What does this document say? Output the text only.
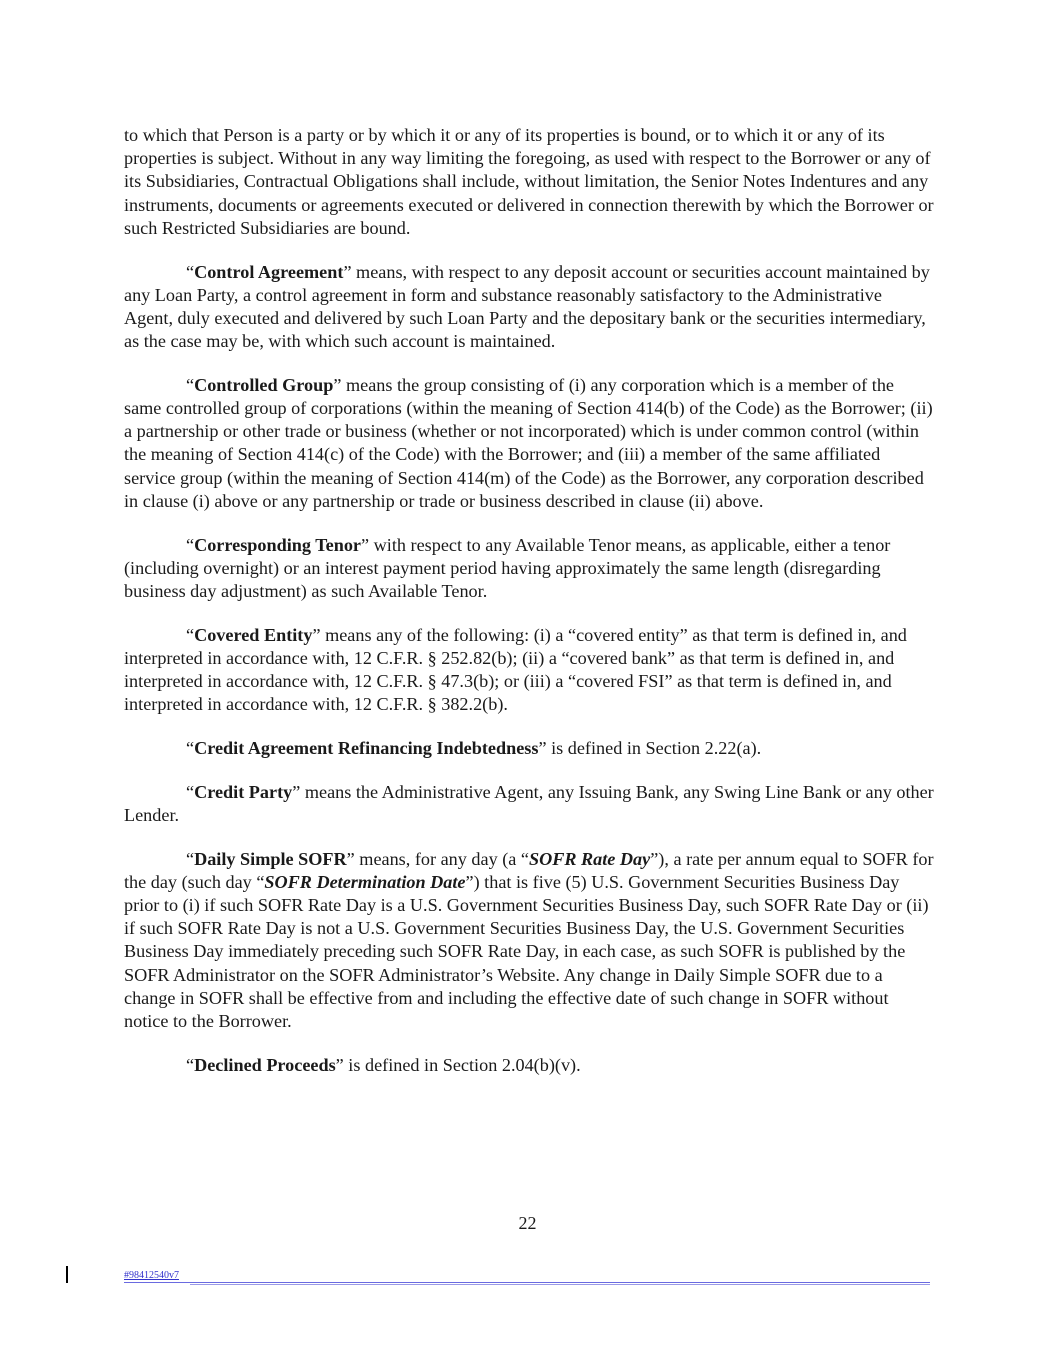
to which that Person is a party or by which it or any of its properties is bound, or to which it or any of its properties is subject. Without in any way limiting the foregoing, as used with respect to the Borrower or any of its Subsidiaries, Contractual Obligations shall include, without limitation, the Senior Notes Indentures and any instruments, documents or agreements executed or delivered in connection therewith by which the Borrower or such Restricted Subsidiaries are bound.

“Control Agreement” means, with respect to any deposit account or securities account maintained by any Loan Party, a control agreement in form and substance reasonably satisfactory to the Administrative Agent, duly executed and delivered by such Loan Party and the depositary bank or the securities intermediary, as the case may be, with which such account is maintained.

“Controlled Group” means the group consisting of (i) any corporation which is a member of the same controlled group of corporations (within the meaning of Section 414(b) of the Code) as the Borrower; (ii) a partnership or other trade or business (whether or not incorporated) which is under common control (within the meaning of Section 414(c) of the Code) with the Borrower; and (iii) a member of the same affiliated service group (within the meaning of Section 414(m) of the Code) as the Borrower, any corporation described in clause (i) above or any partnership or trade or business described in clause (ii) above.

“Corresponding Tenor” with respect to any Available Tenor means, as applicable, either a tenor (including overnight) or an interest payment period having approximately the same length (disregarding business day adjustment) as such Available Tenor.

“Covered Entity” means any of the following: (i) a “covered entity” as that term is defined in, and interpreted in accordance with, 12 C.F.R. § 252.82(b); (ii) a “covered bank” as that term is defined in, and interpreted in accordance with, 12 C.F.R. § 47.3(b); or (iii) a “covered FSI” as that term is defined in, and interpreted in accordance with, 12 C.F.R. § 382.2(b).

“Credit Agreement Refinancing Indebtedness” is defined in Section 2.22(a).

“Credit Party” means the Administrative Agent, any Issuing Bank, any Swing Line Bank or any other Lender.

“Daily Simple SOFR” means, for any day (a “SOFR Rate Day”), a rate per annum equal to SOFR for the day (such day “SOFR Determination Date”) that is five (5) U.S. Government Securities Business Day prior to (i) if such SOFR Rate Day is a U.S. Government Securities Business Day, such SOFR Rate Day or (ii) if such SOFR Rate Day is not a U.S. Government Securities Business Day, the U.S. Government Securities Business Day immediately preceding such SOFR Rate Day, in each case, as such SOFR is published by the SOFR Administrator on the SOFR Administrator’s Website. Any change in Daily Simple SOFR due to a change in SOFR shall be effective from and including the effective date of such change in SOFR without notice to the Borrower.

“Declined Proceeds” is defined in Section 2.04(b)(v).

22
#98412540v7
